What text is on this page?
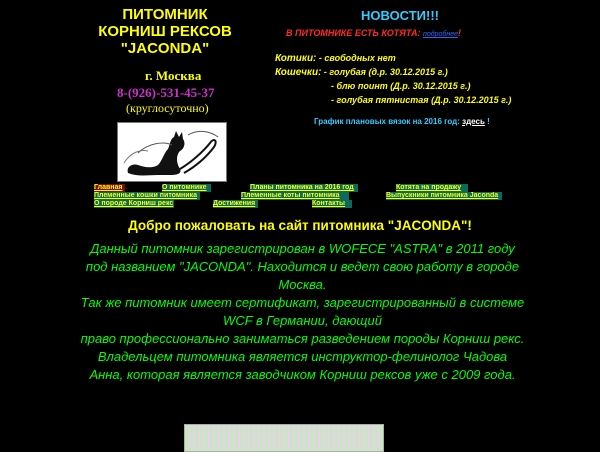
ПИТОМНИК
КОРНИШ РЕКСОВ
"JACONDA"
г. Москва
8-(926)-531-45-37
(круглосуточно)
НОВОСТИ!!!
В ПИТОМНИКЕ ЕСТЬ КОТЯТА: подробнее!
Котики: - свободных нет
Кошечки: - голубая (д.р. 30.12.2015 г.)
- блю поинт (Д.р. 30.12.2015 г.)
- голубая пятнистая (Д.р. 30.12.2015 г.)
График плановых вязок на 2016 год: здесь !
Главная	О питомнике	Планы питомника на 2016 год	Котята на продажу
Племенные кошки питомника	Племенные коты питомника	Выпускники питомника Jaconda
О породе Корниш рекс	Достижения	Контакты
Добро пожаловать на сайт питомника "JACONDA"!

Данный питомник зарегистрирован в WOFECE "ASTRA" в 2011 году под названием "JACONDA". Находится и ведет свою работу в городе Москва.

Так же питомник имеет сертификат, зарегистрированный в системе WCF в Германии, дающий

право профессионально заниматься разведением породы Корниш рекс.

Владельцем питомника является инструктор-фелинолог Чадова Анна, которая является заводчиком Корниш рексов уже с 2009 года.
